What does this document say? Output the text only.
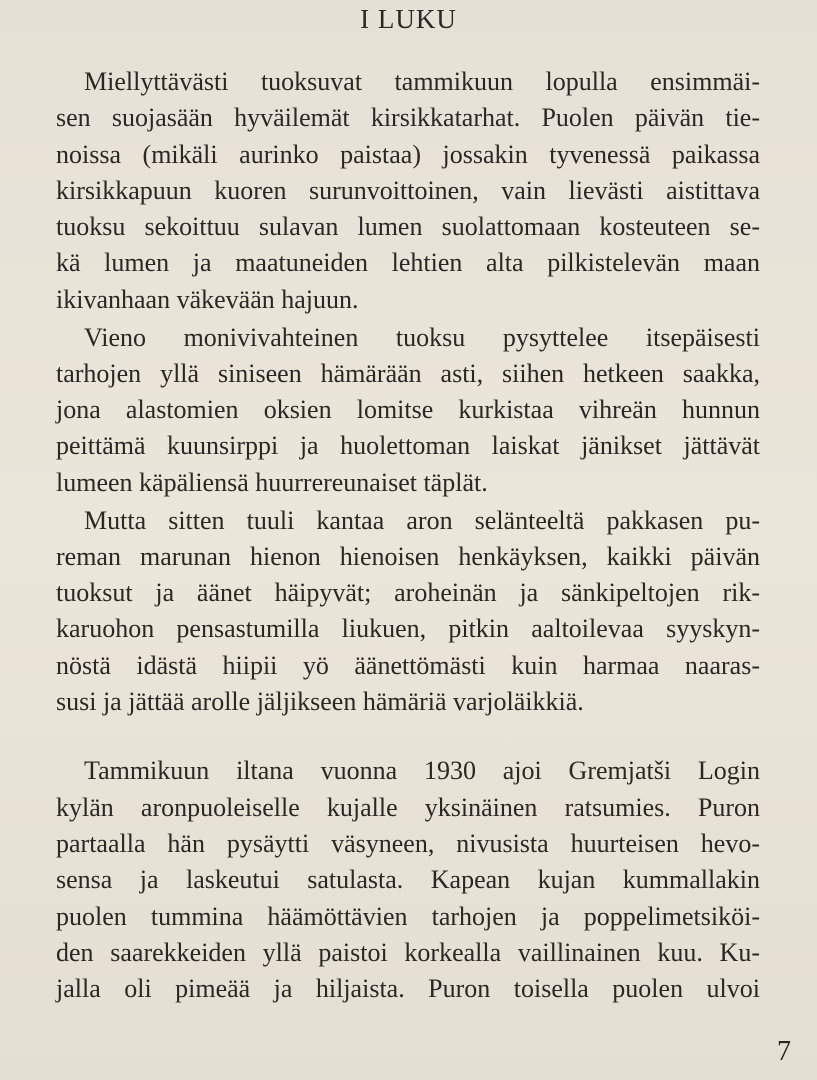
I LUKU
Miellyttävästi tuoksuvat tammikuun lopulla ensimmäi-
sen suojasään hyväilemät kirsikkatarhat. Puolen päivän tie-
noissa (mikäli aurinko paistaa) jossakin tyvenessä paikassa
kirsikkapuun kuoren surunvoittoinen, vain lievästi aistittava
tuoksu sekoittuu sulavan lumen suolattomaan kosteuteen se-
kä lumen ja maatuneiden lehtien alta pilkistelevän maan
ikivanhaan väkevään hajuun.
Vieno monivivahteinen tuoksu pysyttelee itsepäisesti
tarhojen yllä siniseen hämärään asti, siihen hetkeen saakka,
jona alastomien oksien lomitse kurkistaa vihreän hunnun
peittämä kuunsirppi ja huolettoman laiskat jänikset jättävät
lumeen käpäliensä huurrereunaiset täplät.
Mutta sitten tuuli kantaa aron selänteeltä pakkasen pu-
reman marunan hienon hienoisen henkäyksen, kaikki päivän
tuoksut ja äänet häipyvät; aroheinän ja sänkipeltojen rik-
karuohon pensastumilla liukuen, pitkin aaltoilevaa syyskyn-
nöstä idästä hiipii yö äänettömästi kuin harmaa naaras-
susi ja jättää arolle jäljikseen hämäriä varjoläikkiä.
Tammikuun iltana vuonna 1930 ajoi Gremjatši Login
kylän aronpuoleiselle kujalle yksinäinen ratsumies. Puron
partaalla hän pysäytti väsyneen, nivusista huurteisen hevo-
sensa ja laskeutui satulasta. Kapean kujan kummallakin
puolen tummina häämöttävien tarhojen ja poppelimetsiköi-
den saarekkeiden yllä paistoi korkealla vaillinainen kuu. Ku-
jalla oli pimeää ja hiljaista. Puron toisella puolen ulvoi
7
